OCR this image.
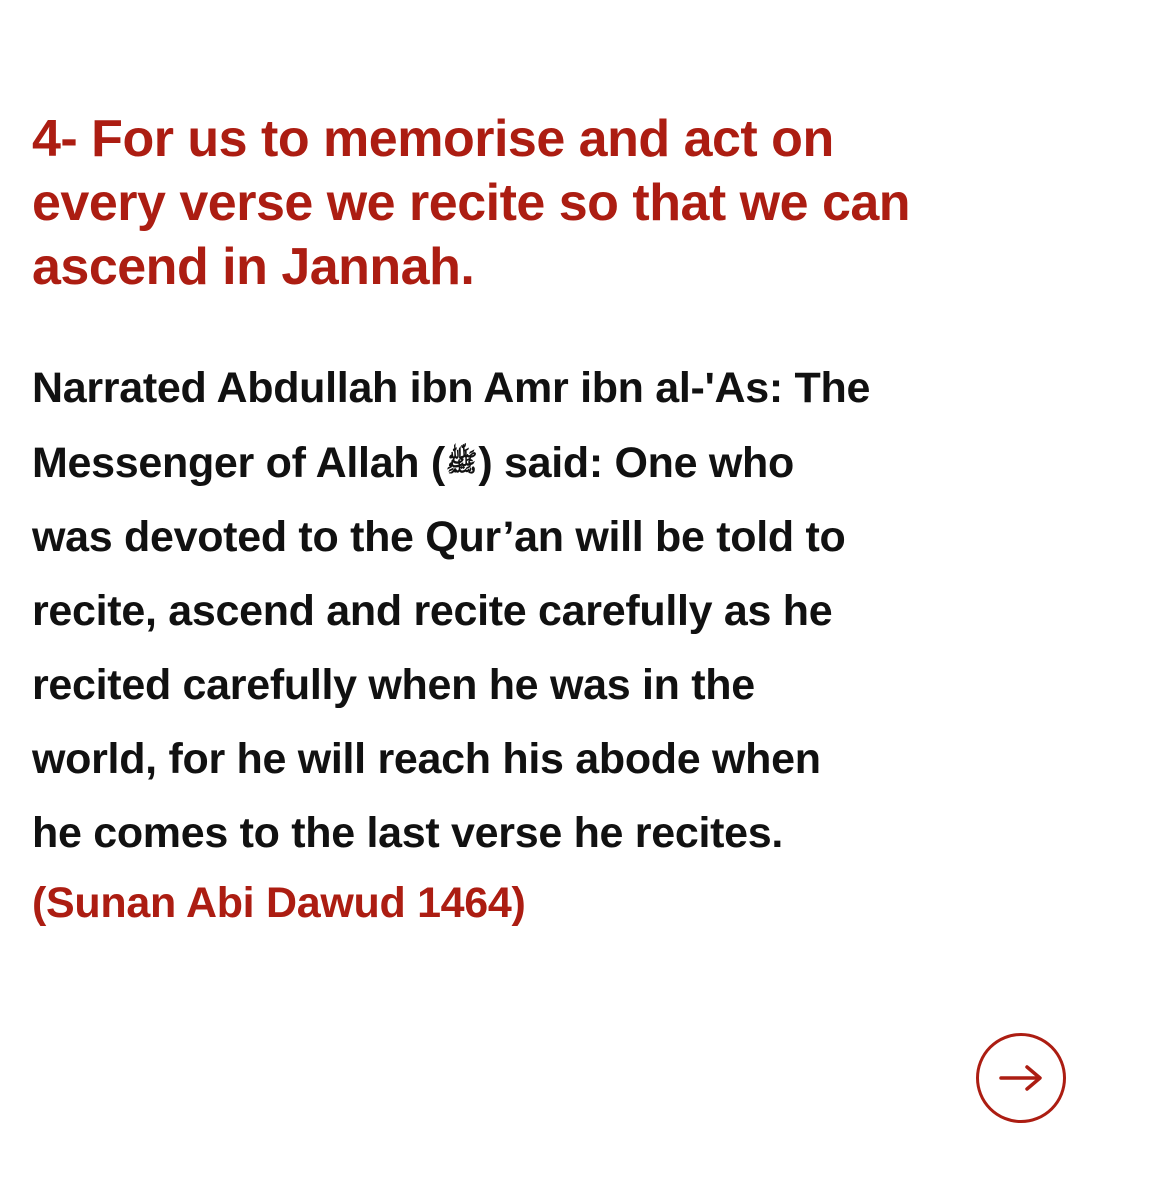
4- For us to memorise and act on
every verse we recite so that we can
ascend in Jannah.

Narrated Abdullah ibn Amr ibn al-'As: The
Messenger of Allah (ﷺ) said: One who
was devoted to the Qur’an will be told to
recite, ascend and recite carefully as he
recited carefully when he was in the
world, for he will reach his abode when
he comes to the last verse he recites.

(Sunan Abi Dawud 1464)
